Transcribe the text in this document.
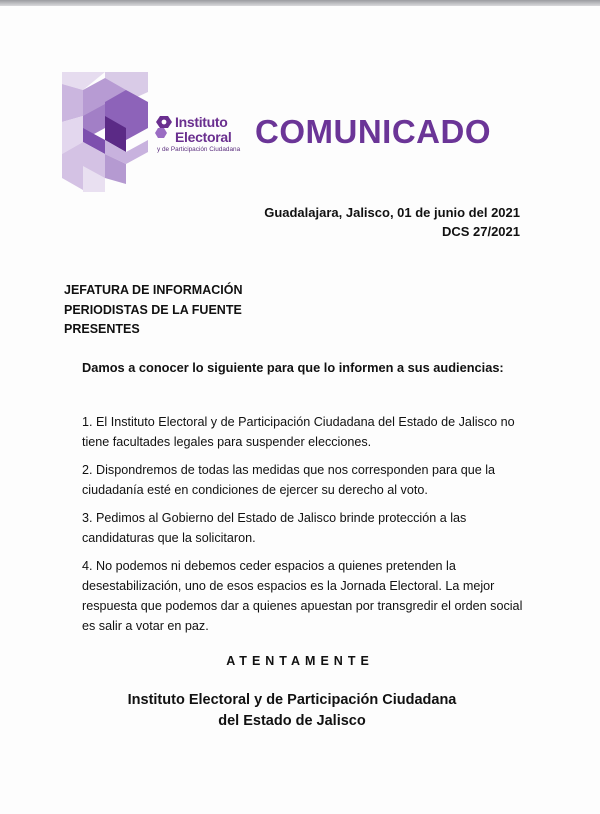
Instituto
Electoral
y de Participación Ciudadana COMUNICADO
Guadalajara, Jalisco, 01 de junio del 2021
DCS 27/2021
JEFATURA DE INFORMACIÓN
PERIODISTAS DE LA FUENTE
PRESENTES
Damos a conocer lo siguiente para que lo informen a sus audiencias:

1. El Instituto Electoral y de Participación Ciudadana del Estado de Jalisco no tiene facultades legales para suspender elecciones.

2. Dispondremos de todas las medidas que nos corresponden para que la ciudadanía esté en condiciones de ejercer su derecho al voto.

3. Pedimos al Gobierno del Estado de Jalisco brinde protección a las candidaturas que la solicitaron.

4. No podemos ni debemos ceder espacios a quienes pretenden la desestabilización, uno de esos espacios es la Jornada Electoral. La mejor respuesta que podemos dar a quienes apuestan por transgredir el orden social es salir a votar en paz.

ATENTAMENTE
Instituto Electoral y de Participación Ciudadana
del Estado de Jalisco
